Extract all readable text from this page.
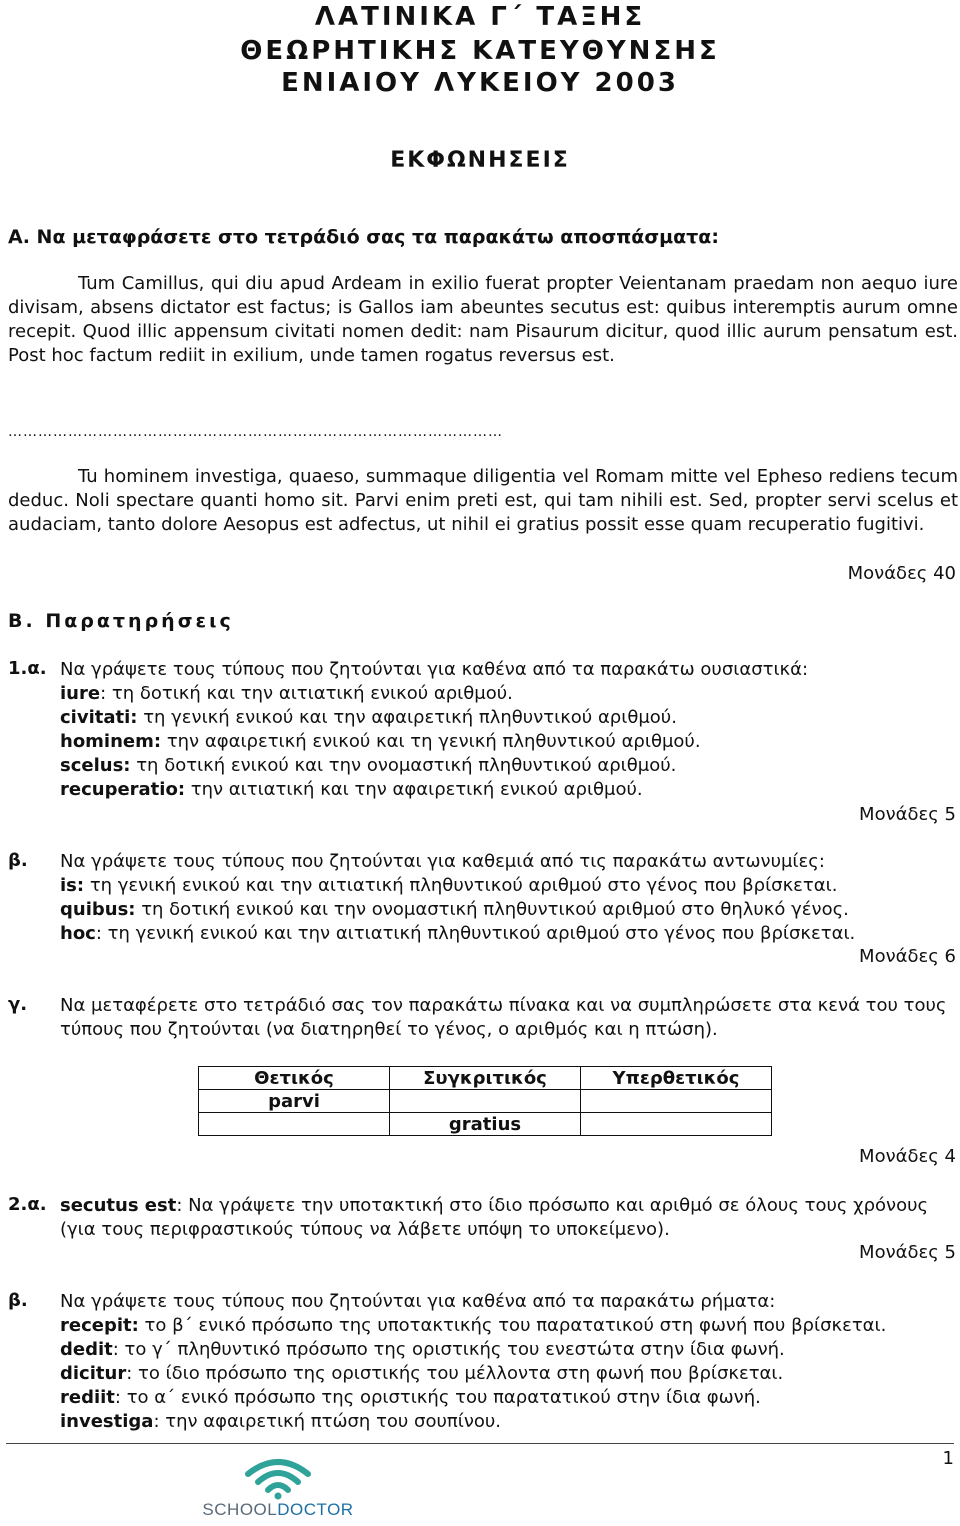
ΛΑΤΙΝΙΚΑ Γ΄ ΤΑΞΗΣ
ΘΕΩΡΗΤΙΚΗΣ ΚΑΤΕΥΘΥΝΣΗΣ
ΕΝΙΑΙΟΥ ΛΥΚΕΙΟΥ 2003
ΕΚΦΩΝΗΣΕΙΣ
Α. Να μεταφράσετε στο τετράδιό σας τα παρακάτω αποσπάσματα:
Tum Camillus, qui diu apud Ardeam in exilio fuerat propter Veientanam praedam non aequo iure divisam, absens dictator est factus; is Gallos iam abeuntes secutus est: quibus interemptis aurum omne recepit. Quod illic appensum civitati nomen dedit: nam Pisaurum dicitur, quod illic aurum pensatum est. Post hoc factum rediit in exilium, unde tamen rogatus reversus est.
………………………………………………………………………………………
Tu hominem investiga, quaeso, summaque diligentia vel Romam mitte vel Epheso rediens tecum deduc. Noli spectare quanti homo sit. Parvi enim preti est, qui tam nihili est. Sed, propter servi scelus et audaciam, tanto dolore Aesopus est adfectus, ut nihil ei gratius possit esse quam recuperatio fugitivi.
Μονάδες 40
Β. Παρατηρήσεις
1.α. Να γράψετε τους τύπους που ζητούνται για καθένα από τα παρακάτω ουσιαστικά:
iure: τη δοτική και την αιτιατική ενικού αριθμού.
civitati: τη γενική ενικού και την αφαιρετική πληθυντικού αριθμού.
hominem: την αφαιρετική ενικού και τη γενική πληθυντικού αριθμού.
scelus: τη δοτική ενικού και την ονομαστική πληθυντικού αριθμού.
recuperatio: την αιτιατική και την αφαιρετική ενικού αριθμού.
Μονάδες 5
β. Να γράψετε τους τύπους που ζητούνται για καθεμιά από τις παρακάτω αντωνυμίες:
is: τη γενική ενικού και την αιτιατική πληθυντικού αριθμού στο γένος που βρίσκεται.
quibus: τη δοτική ενικού και την ονομαστική πληθυντικού αριθμού στο θηλυκό γένος.
hoc: τη γενική ενικού και την αιτιατική πληθυντικού αριθμού στο γένος που βρίσκεται.
Μονάδες 6
γ. Να μεταφέρετε στο τετράδιό σας τον παρακάτω πίνακα και να συμπληρώσετε στα κενά του τους τύπους που ζητούνται (να διατηρηθεί το γένος, ο αριθμός και η πτώση).
Θετικός	Συγκριτικός	Υπερθετικός
parvi		
	gratius	
Μονάδες 4
2.α. secutus est: Να γράψετε την υποτακτική στο ίδιο πρόσωπο και αριθμό σε όλους τους χρόνους (για τους περιφραστικούς τύπους να λάβετε υπόψη το υποκείμενο).
Μονάδες 5
β. Να γράψετε τους τύπους που ζητούνται για καθένα από τα παρακάτω ρήματα:
recepit: το β΄ ενικό πρόσωπο της υποτακτικής του παρατατικού στη φωνή που βρίσκεται.
dedit: το γ΄ πληθυντικό πρόσωπο της οριστικής του ενεστώτα στην ίδια φωνή.
dicitur: το ίδιο πρόσωπο της οριστικής του μέλλοντα στη φωνή που βρίσκεται.
rediit: το α΄ ενικό πρόσωπο της οριστικής του παρατατικού στην ίδια φωνή.
investiga: την αφαιρετική πτώση του σουπίνου.
1
SCHOOLDOCTOR
